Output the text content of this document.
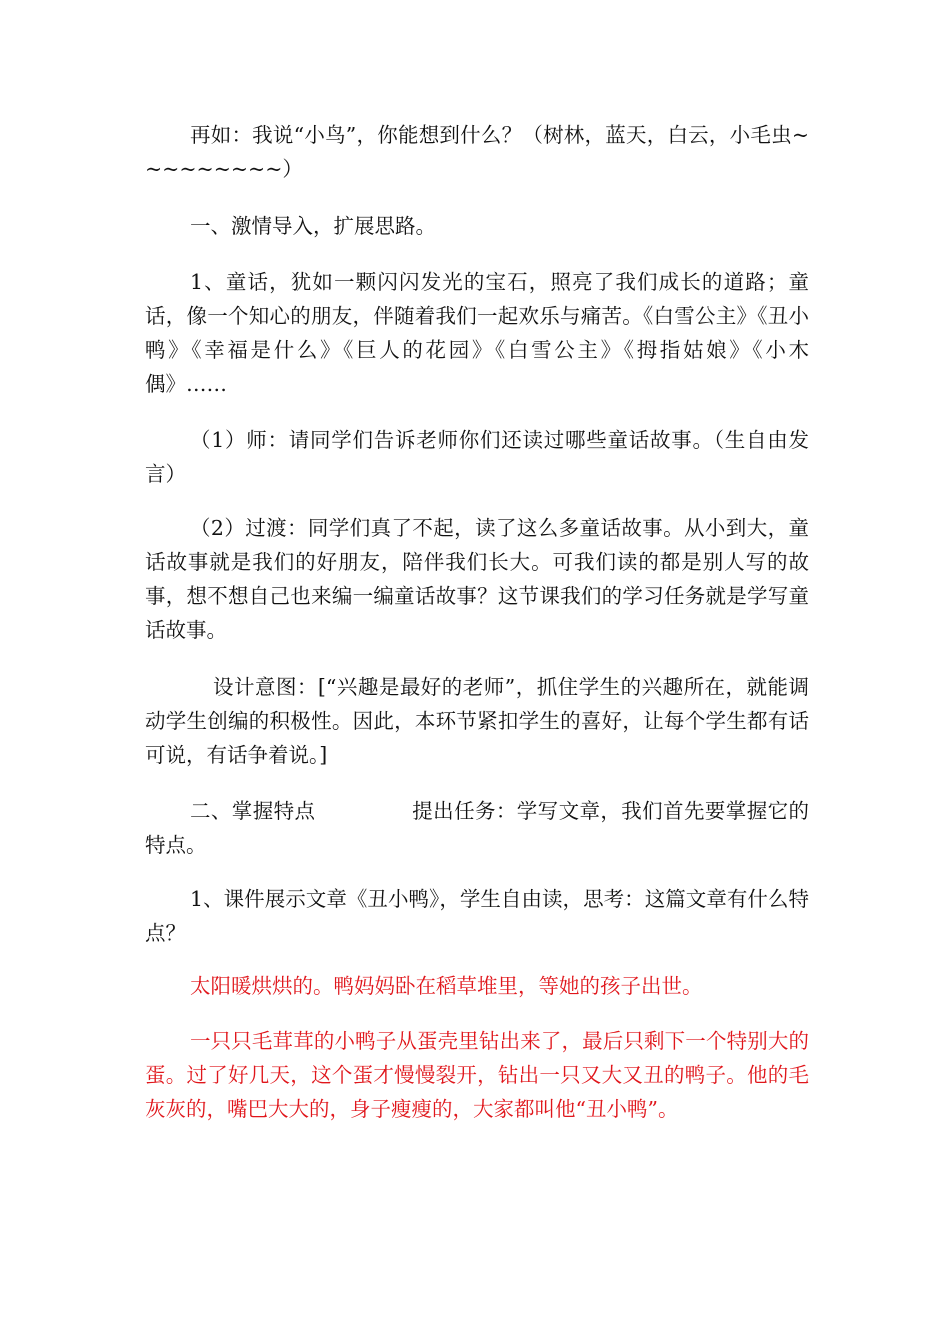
再如：我说“小鸟”，你能想到什么？（树林，蓝天，白云，小毛虫~~~~~~~~~）
一、激情导入，扩展思路。
1、童话，犹如一颗闪闪发光的宝石，照亮了我们成长的道路；童话，像一个知心的朋友，伴随着我们一起欢乐与痛苦。《白雪公主》《丑小鸭》《幸福是什么》《巨人的花园》《白雪公主》《拇指姑娘》《小木偶》……
（1）师：请同学们告诉老师你们还读过哪些童话故事。（生自由发言）
（2）过渡：同学们真了不起，读了这么多童话故事。从小到大，童话故事就是我们的好朋友，陪伴我们长大。可我们读的都是别人写的故事，想不想自己也来编一编童话故事？这节课我们的学习任务就是学写童话故事。
设计意图：[“兴趣是最好的老师”，抓住学生的兴趣所在，就能调动学生创编的积极性。因此，本环节紧扣学生的喜好，让每个学生都有话可说，有话争着说。]
二、掌握特点              提出任务：学写文章，我们首先要掌握它的特点。
1、课件展示文章《丑小鸭》，学生自由读，思考：这篇文章有什么特点？
太阳暖烘烘的。鸭妈妈卧在稻草堆里，等她的孩子出世。
一只只毛茸茸的小鸭子从蛋壳里钻出来了，最后只剩下一个特别大的蛋。过了好几天，这个蛋才慢慢裂开，钻出一只又大又丑的鸭子。他的毛灰灰的，嘴巴大大的，身子瘦瘦的，大家都叫他“丑小鸭”。
